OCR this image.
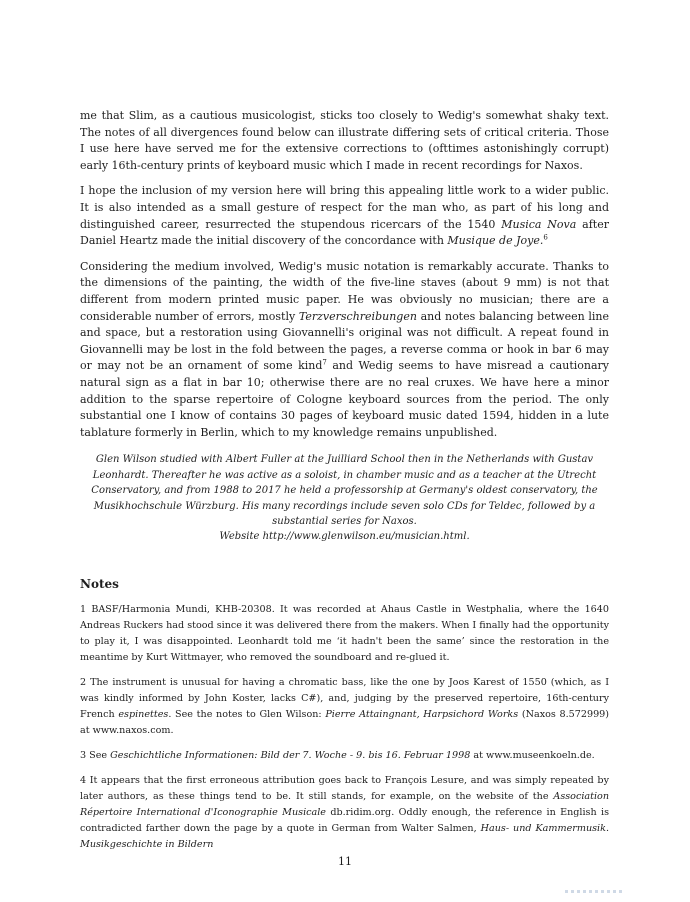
me that Slim, as a cautious musicologist, sticks too closely to Wedig's somewhat shaky text. The notes of all divergences found below can illustrate differing sets of critical criteria. Those I use here have served me for the extensive corrections to (ofttimes astonishingly corrupt) early 16th-century prints of keyboard music which I made in recent recordings for Naxos.

I hope the inclusion of my version here will bring this appealing little work to a wider public. It is also intended as a small gesture of respect for the man who, as part of his long and distinguished career, resurrected the stupendous ricercars of the 1540 Musica Nova after Daniel Heartz made the initial discovery of the concordance with Musique de Joye.$^6$

Considering the medium involved, Wedig's music notation is remarkably accurate. Thanks to the dimensions of the painting, the width of the five-line staves (about 9 mm) is not that different from modern printed music paper. He was obviously no musician; there are a considerable number of errors, mostly Terzverschreibungen and notes balancing between line and space, but a restoration using Giovannelli's original was not difficult. A repeat found in Giovannelli may be lost in the fold between the pages, a reverse comma or hook in bar 6 may or may not be an ornament of some kind$^7$ and Wedig seems to have misread a cautionary natural sign as a flat in bar 10; otherwise there are no real cruxes. We have here a minor addition to the sparse repertoire of Cologne keyboard sources from the period. The only substantial one I know of contains 30 pages of keyboard music dated 1594, hidden in a lute tablature formerly in Berlin, which to my knowledge remains unpublished.

Glen Wilson studied with Albert Fuller at the Juilliard School then in the Netherlands with Gustav Leonhardt. Thereafter he was active as a soloist, in chamber music and as a teacher at the Utrecht Conservatory, and from 1988 to 2017 he held a professorship at Germany's oldest conservatory, the Musikhochschule Würzburg. His many recordings include seven solo CDs for Teldec, followed by a substantial series for Naxos.
Website http://www.glenwilson.eu/musician.html.
Notes

1 BASF/Harmonia Mundi, KHB-20308. It was recorded at Ahaus Castle in Westphalia, where the 1640 Andreas Ruckers had stood since it was delivered there from the makers. When I finally had the opportunity to play it, I was disappointed. Leonhardt told me ‘it hadn't been the same’ since the restoration in the meantime by Kurt Wittmayer, who removed the soundboard and re-glued it.

2 The instrument is unusual for having a chromatic bass, like the one by Joos Karest of 1550 (which, as I was kindly informed by John Koster, lacks C#), and, judging by the preserved repertoire, 16th-century French espinettes. See the notes to Glen Wilson: Pierre Attaingnant, Harpsichord Works (Naxos 8.572999) at www.naxos.com.

3 See Geschichtliche Informationen: Bild der 7. Woche - 9. bis 16. Februar 1998 at www.museenkoeln.de.

4 It appears that the first erroneous attribution goes back to François Lesure, and was simply repeated by later authors, as these things tend to be. It still stands, for example, on the website of the Association Répertoire International d'Iconographie Musicale db.ridim.org. Oddly enough, the reference in English is contradicted farther down the page by a quote in German from Walter Salmen, Haus- und Kammermusik. Musikgeschichte in Bildern

11
